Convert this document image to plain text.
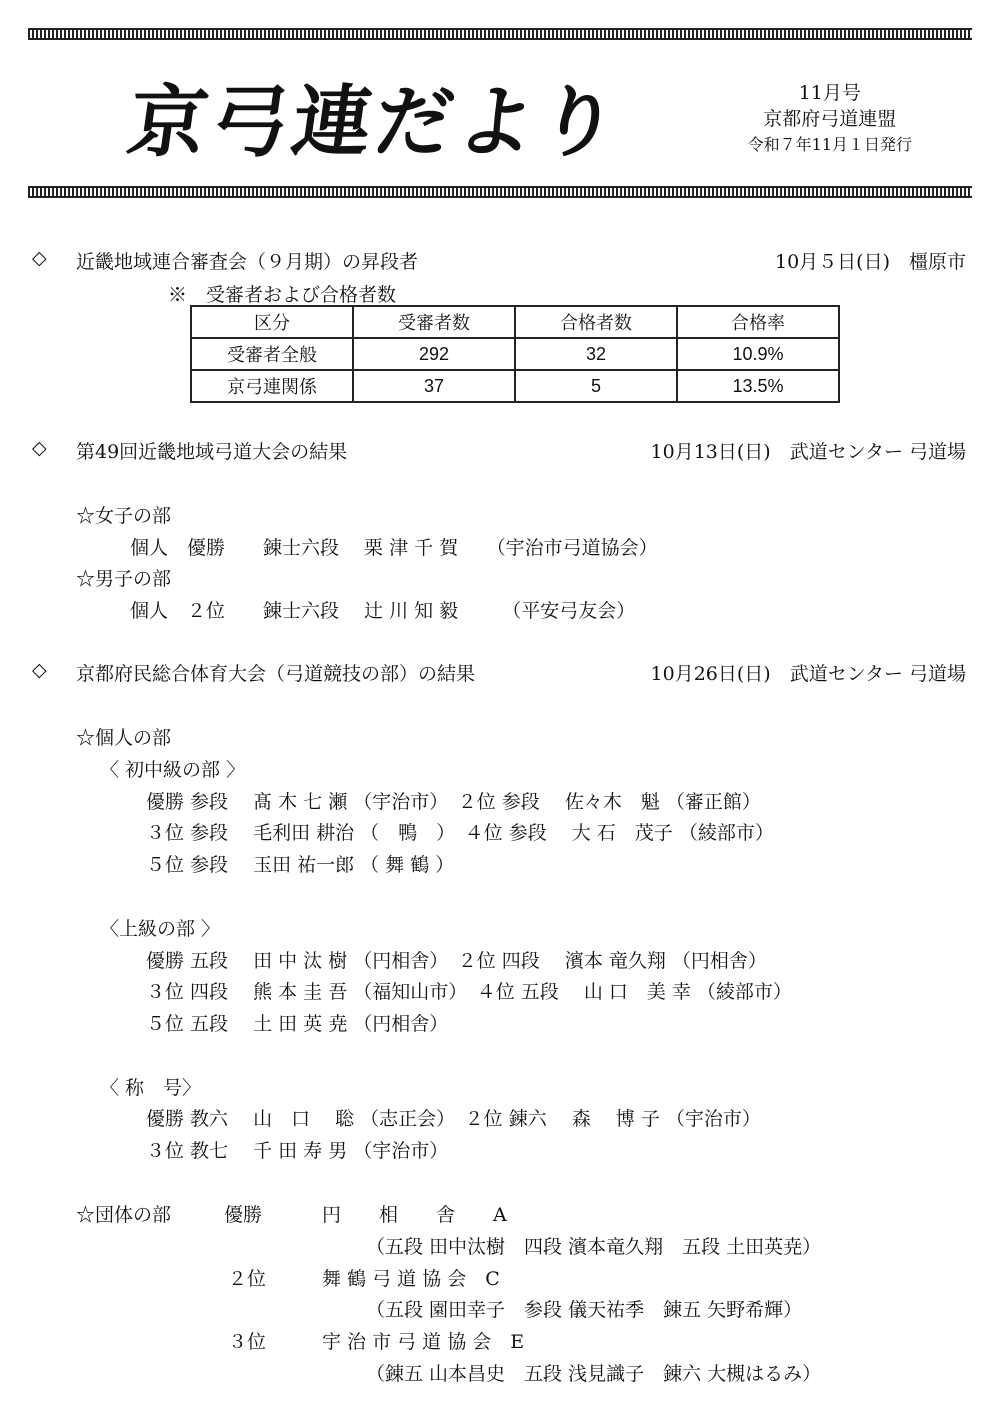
京弓連だより	11月号
京都府弓道連盟
令和７年11月１日発行
◇ 近畿地域連合審査会（９月期）の昇段者	10月５日(日)　橿原市
※　受審者および合格者数
区分	受審者数	合格者数	合格率
受審者全般	292	32	10.9%
京弓連関係	37	5	13.5%
◇ 第49回近畿地域弓道大会の結果	10月13日(日)　武道センター 弓道場
☆女子の部
個人　優勝　　錬士六段　 栗 津 千 賀　　（宇治市弓道協会）
☆男子の部
個人　２位　　錬士六段　 辻 川 知 毅　　 （平安弓友会）
◇ 京都府民総合体育大会（弓道競技の部）の結果	10月26日(日)　武道センター 弓道場
☆個人の部
〈 初中級の部 〉
優勝 参段　 髙 木 七 瀬 （宇治市）　２位 参段　 佐々木　魁 （審正館）
３位 参段　 毛利田 耕治 （　鴨　）　４位 参段　 大 石　茂子 （綾部市）
５位 参段　 玉田 祐一郎 （ 舞 鶴 ）
〈上級の部 〉
優勝 五段　 田 中 汰 樹 （円相舎）　２位 四段　 濱本 竜久翔 （円相舎）
３位 四段　 熊 本 圭 吾 （福知山市）　４位 五段　 山 口　美 幸 （綾部市）
５位 五段　 土 田 英 尭 （円相舎）
〈 称　号〉
優勝 教六　 山　口　 聡 （志正会）　２位 錬六　 森　 博 子 （宇治市）
３位 教七　 千 田 寿 男 （宇治市）
☆団体の部	優勝	円　　相　　舎　　A
（五段 田中汰樹　四段 濱本竜久翔　五段 土田英尭）
２位	舞 鶴 弓 道 協 会　C
（五段 園田幸子　参段 儀天祐季　錬五 矢野希輝）
３位	宇 治 市 弓 道 協 会　E
（錬五 山本昌史　五段 浅見識子　錬六 大槻はるみ）
